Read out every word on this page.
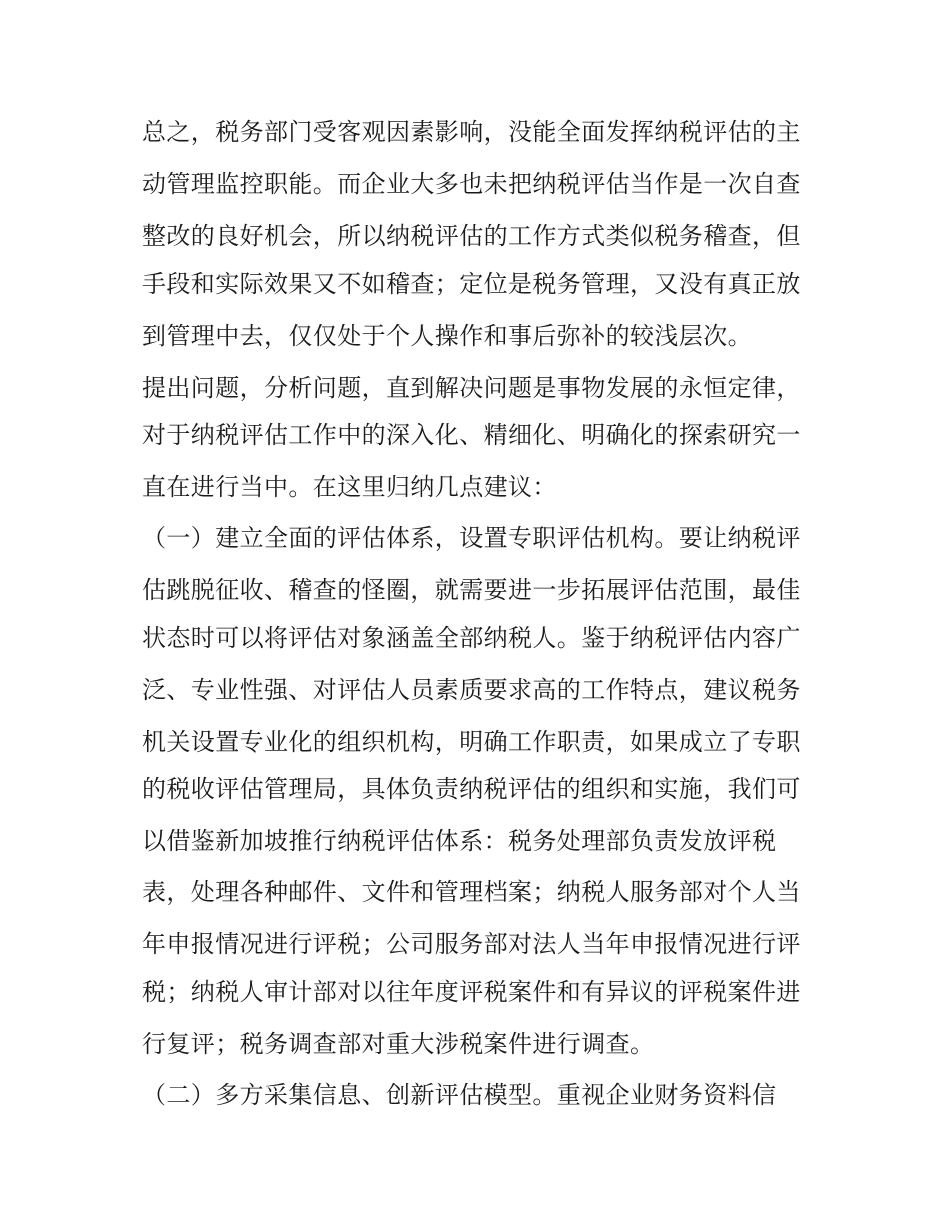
总之，税务部门受客观因素影响，没能全面发挥纳税评估的主
动管理监控职能。而企业大多也未把纳税评估当作是一次自查
整改的良好机会，所以纳税评估的工作方式类似税务稽查，但
手段和实际效果又不如稽查；定位是税务管理，又没有真正放
到管理中去，仅仅处于个人操作和事后弥补的较浅层次。
提出问题，分析问题，直到解决问题是事物发展的永恒定律，
对于纳税评估工作中的深入化、精细化、明确化的探索研究一
直在进行当中。在这里归纳几点建议：
（一）建立全面的评估体系，设置专职评估机构。要让纳税评
估跳脱征收、稽查的怪圈，就需要进一步拓展评估范围，最佳
状态时可以将评估对象涵盖全部纳税人。鉴于纳税评估内容广
泛、专业性强、对评估人员素质要求高的工作特点，建议税务
机关设置专业化的组织机构，明确工作职责，如果成立了专职
的税收评估管理局，具体负责纳税评估的组织和实施，我们可
以借鉴新加坡推行纳税评估体系：税务处理部负责发放评税
表，处理各种邮件、文件和管理档案；纳税人服务部对个人当
年申报情况进行评税；公司服务部对法人当年申报情况进行评
税；纳税人审计部对以往年度评税案件和有异议的评税案件进
行复评；税务调查部对重大涉税案件进行调查。
（二）多方采集信息、创新评估模型。重视企业财务资料信
